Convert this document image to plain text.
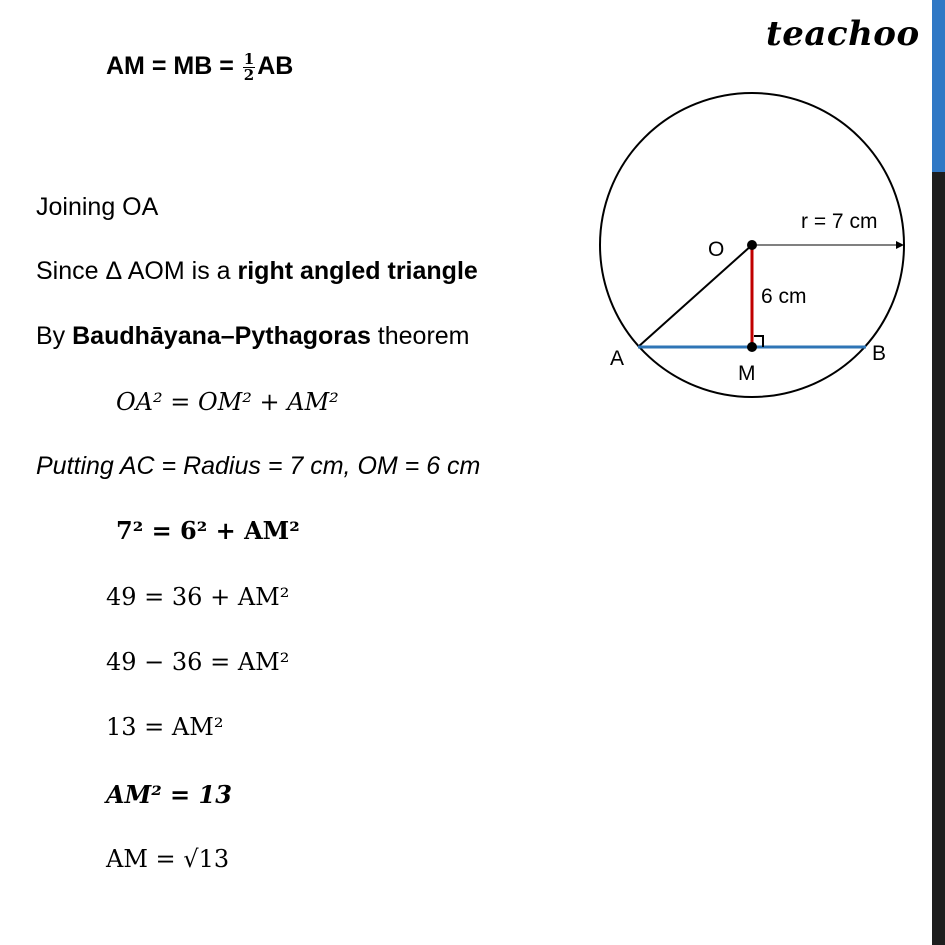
teachoo
AM = MB = $\frac{1}{2}$ AB
Joining OA
Since Δ AOM is a right angled triangle
By Baudhāyana–Pythagoras theorem
OA² = OM² + AM²
Putting AC = Radius = 7 cm, OM = 6 cm
7² = 6² + AM²
49 = 36 + AM²
49 − 36 = AM²
13 = AM²
AM² = 13
AM = √13
O
r = 7 cm
6 cm
A	B
M
